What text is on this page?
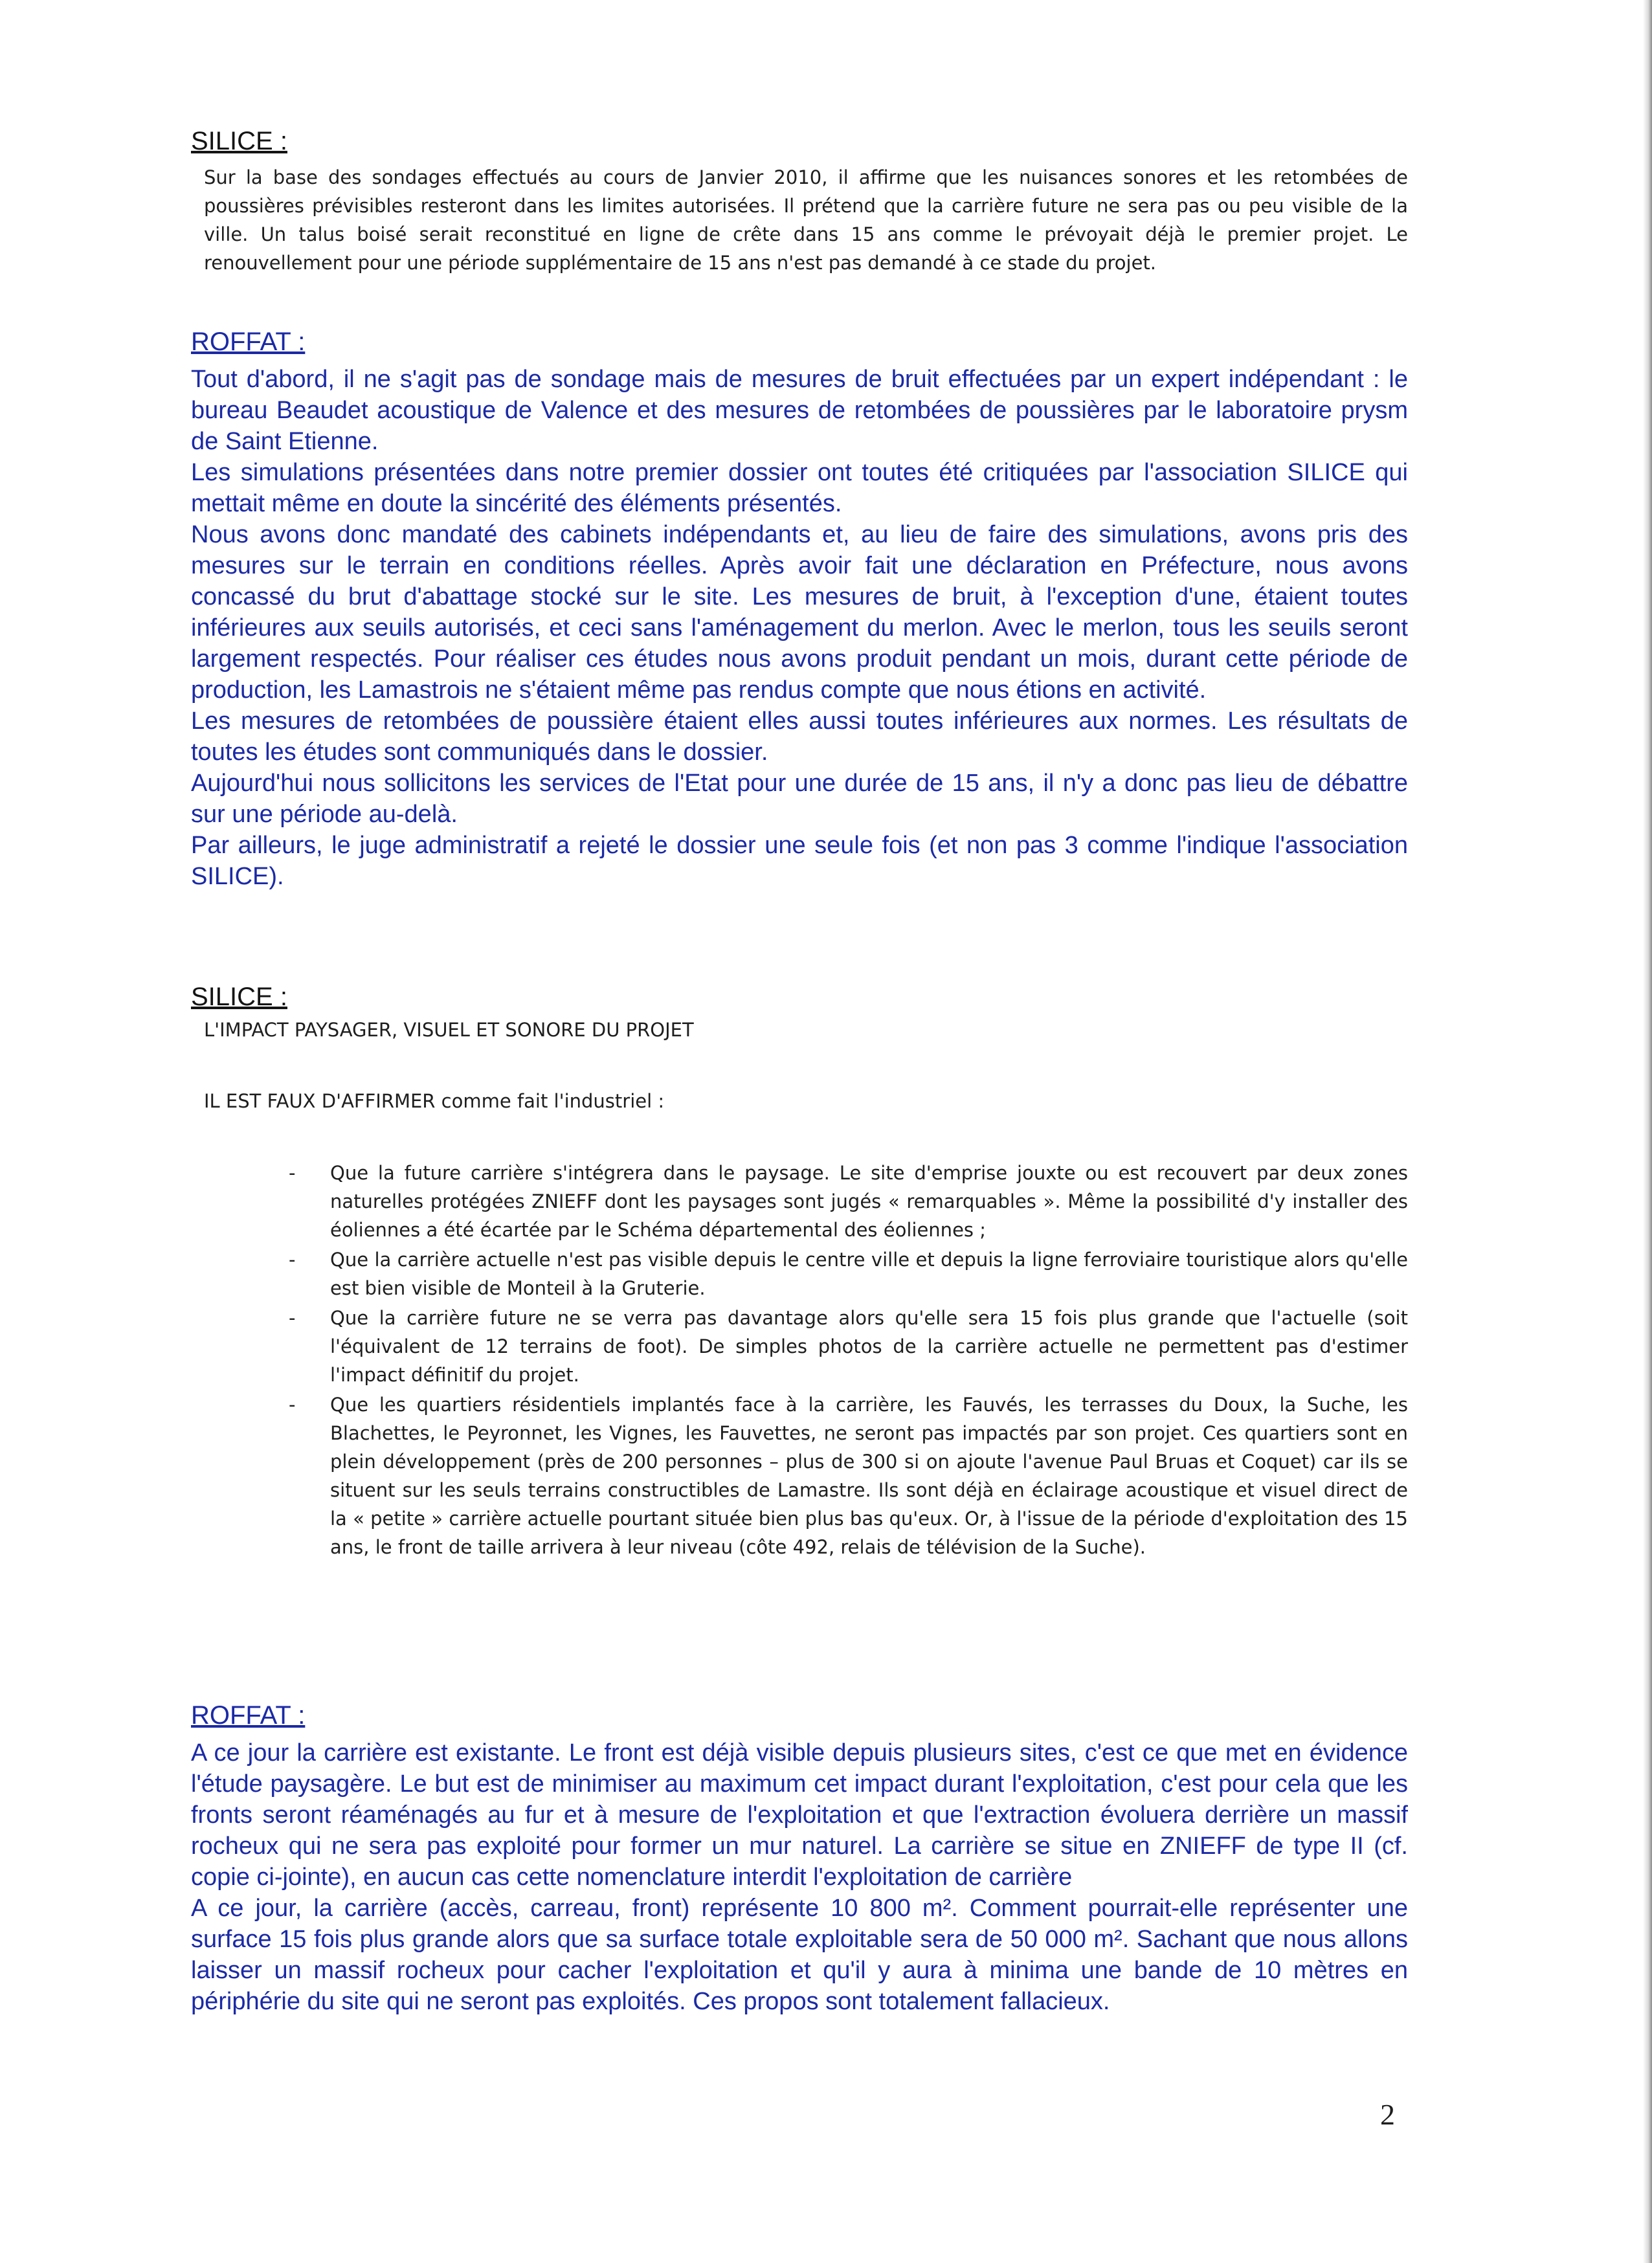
SILICE :

Sur la base des sondages effectués au cours de Janvier 2010, il affirme que les nuisances sonores et les retombées de poussières prévisibles resteront dans les limites autorisées. Il prétend que la carrière future ne sera pas ou peu visible de la ville. Un talus boisé serait reconstitué en ligne de crête dans 15 ans comme le prévoyait déjà le premier projet. Le renouvellement pour une période supplémentaire de 15 ans n'est pas demandé à ce stade du projet.

ROFFAT :

Tout d'abord, il ne s'agit pas de sondage mais de mesures de bruit effectuées par un expert indépendant : le bureau Beaudet acoustique de Valence et des mesures de retombées de poussières par le laboratoire prysm de Saint Etienne.

Les simulations présentées dans notre premier dossier ont toutes été critiquées par l'association SILICE qui mettait même en doute la sincérité des éléments présentés.

Nous avons donc mandaté des cabinets indépendants et, au lieu de faire des simulations, avons pris des mesures sur le terrain en conditions réelles. Après avoir fait une déclaration en Préfecture, nous avons concassé du brut d'abattage stocké sur le site. Les mesures de bruit, à l'exception d'une, étaient toutes inférieures aux seuils autorisés, et ceci sans l'aménagement du merlon. Avec le merlon, tous les seuils seront largement respectés. Pour réaliser ces études nous avons produit pendant un mois, durant cette période de production, les Lamastrois ne s'étaient même pas rendus compte que nous étions en activité.

Les mesures de retombées de poussière étaient elles aussi toutes inférieures aux normes. Les résultats de toutes les études sont communiqués dans le dossier.

Aujourd'hui nous sollicitons les services de l'Etat pour une durée de 15 ans, il n'y a donc pas lieu de débattre sur une période au-delà.

Par ailleurs, le juge administratif a rejeté le dossier une seule fois (et non pas 3 comme l'indique l'association SILICE).

SILICE :

L'IMPACT PAYSAGER, VISUEL ET SONORE DU PROJET

IL EST FAUX D'AFFIRMER comme fait l'industriel :

- Que la future carrière s'intégrera dans le paysage. Le site d'emprise jouxte ou est recouvert par deux zones naturelles protégées ZNIEFF dont les paysages sont jugés « remarquables ». Même la possibilité d'y installer des éoliennes a été écartée par le Schéma départemental des éoliennes ;
- Que la carrière actuelle n'est pas visible depuis le centre ville et depuis la ligne ferroviaire touristique alors qu'elle est bien visible de Monteil à la Gruterie.
- Que la carrière future ne se verra pas davantage alors qu'elle sera 15 fois plus grande que l'actuelle (soit l'équivalent de 12 terrains de foot). De simples photos de la carrière actuelle ne permettent pas d'estimer l'impact définitif du projet.
- Que les quartiers résidentiels implantés face à la carrière, les Fauvés, les terrasses du Doux, la Suche, les Blachettes, le Peyronnet, les Vignes, les Fauvettes, ne seront pas impactés par son projet. Ces quartiers sont en plein développement (près de 200 personnes – plus de 300 si on ajoute l'avenue Paul Bruas et Coquet) car ils se situent sur les seuls terrains constructibles de Lamastre. Ils sont déjà en éclairage acoustique et visuel direct de la « petite » carrière actuelle pourtant située bien plus bas qu'eux. Or, à l'issue de la période d'exploitation des 15 ans, le front de taille arrivera à leur niveau (côte 492, relais de télévision de la Suche).
ROFFAT :

A ce jour la carrière est existante. Le front est déjà visible depuis plusieurs sites, c'est ce que met en évidence l'étude paysagère. Le but est de minimiser au maximum cet impact durant l'exploitation, c'est pour cela que les fronts seront réaménagés au fur et à mesure de l'exploitation et que l'extraction évoluera derrière un massif rocheux qui ne sera pas exploité pour former un mur naturel. La carrière se situe en ZNIEFF de type II (cf. copie ci-jointe), en aucun cas cette nomenclature interdit l'exploitation de carrière

A ce jour, la carrière (accès, carreau, front) représente 10 800 m². Comment pourrait-elle représenter une surface 15 fois plus grande alors que sa surface totale exploitable sera de 50 000 m². Sachant que nous allons laisser un massif rocheux pour cacher l'exploitation et qu'il y aura à minima une bande de 10 mètres en périphérie du site qui ne seront pas exploités. Ces propos sont totalement fallacieux.

2
